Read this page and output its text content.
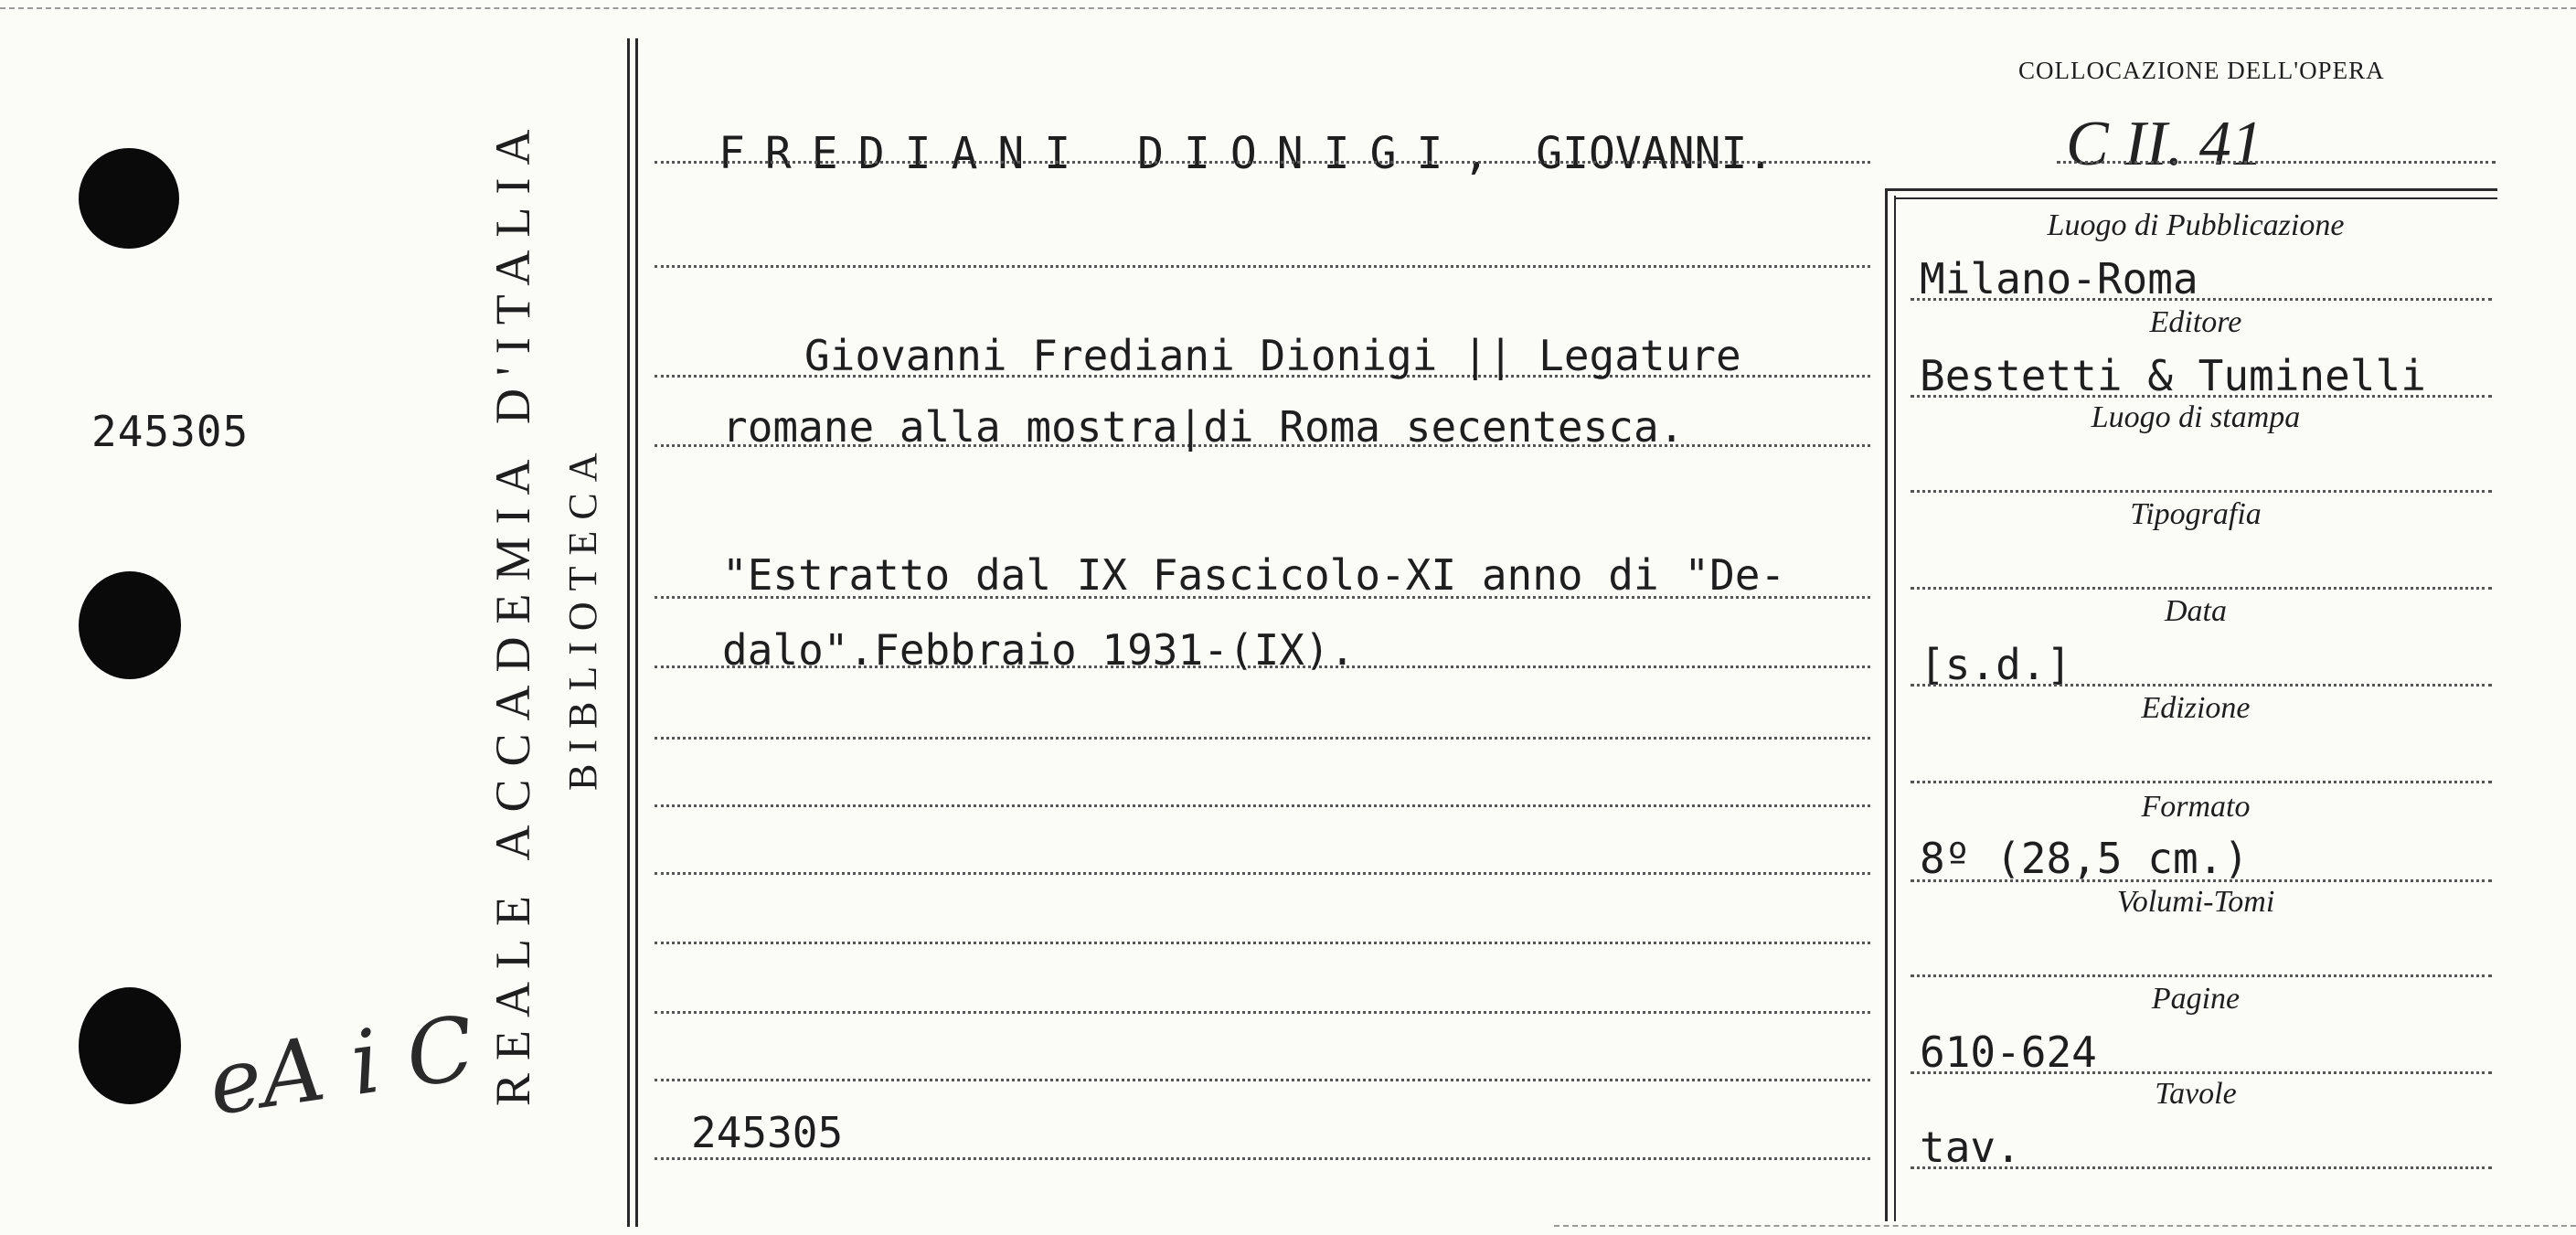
245305
eA i C REALE ACCADEMIA D'ITALIA BIBLIOTECA
COLLOCAZIONE DELL'OPERA
C II. 41
FREDIANI DIONIGI, GIOVANNI.
Giovanni Frediani Dionigi || Legature
romane alla mostra|di Roma secentesca.
"Estratto dal IX Fascicolo-XI anno di "De-
dalo".Febbraio 1931-(IX).
245305
Luogo di Pubblicazione
Milano-Roma
Editore
Bestetti & Tuminelli
Luogo di stampa
Tipografia
Data
[s.d.]
Edizione
Formato
8º (28,5 cm.)
Volumi-Tomi
Pagine
610-624
Tavole
tav.
